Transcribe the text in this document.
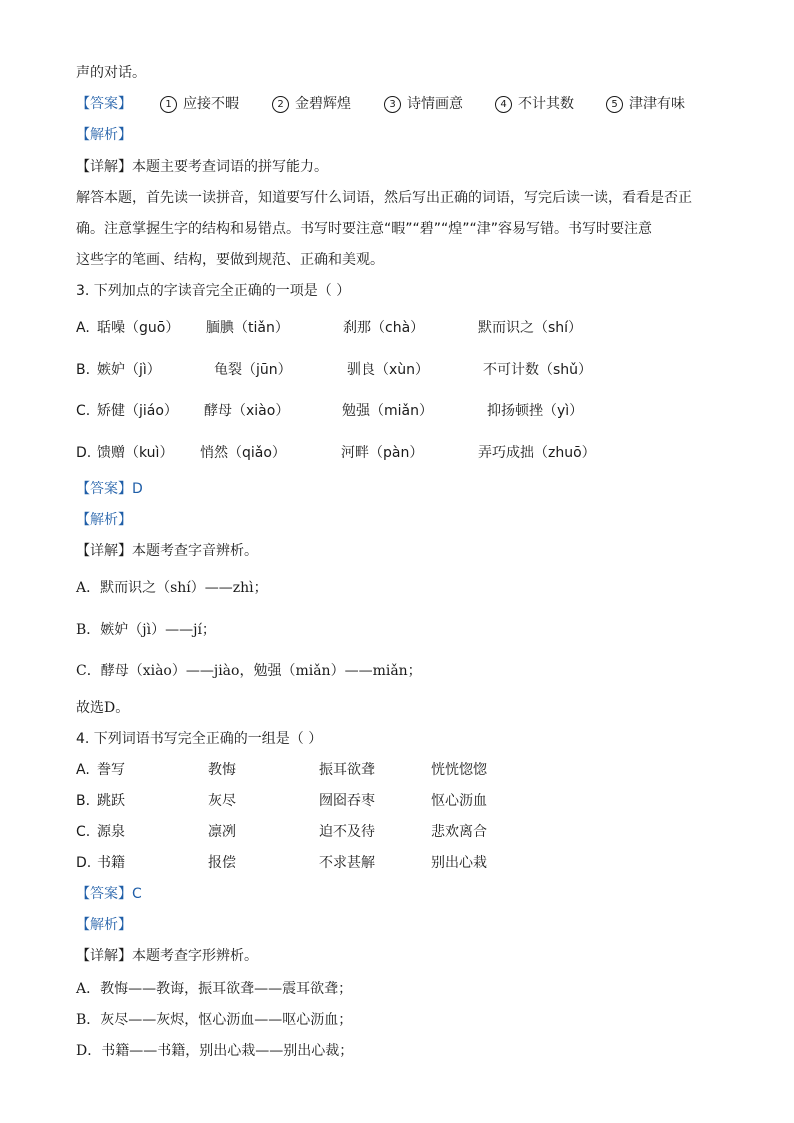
声的对话。
【答案】	1 应接不暇	2 金碧辉煌	3 诗情画意	4 不计其数	5 津津有味
【解析】
【详解】本题主要考查词语的拼写能力。
解答本题，首先读一读拼音，知道要写什么词语，然后写出正确的词语，写完后读一读，看看是否正
确。注意掌握生字的结构和易错点。书写时要注意“暇”“碧”“煌”“津”容易写错。书写时要注意
这些字的笔画、结构，要做到规范、正确和美观。
3. 下列加点的字读音完全正确的一项是（ ）
A. 聒噪（guō） 腼腆（tiǎn）	刹那（chà）	默而识之（shí）
B. 嫉妒（jì）	龟裂（jūn）	驯良（xùn）	不可计数（shǔ）
C. 矫健（jiáo） 酵母（xiào）	勉强（miǎn）	抑扬顿挫（yì）
D. 馈赠（kuì） 悄然（qiǎo）	河畔（pàn）	弄巧成拙（zhuō）
【答案】D
【解析】
【详解】本题考查字音辨析。
A．默而识之（shí）——zhì；
B．嫉妒（jì）——jí；
C．酵母（xiào）——jiào，勉强（miǎn）——miǎn；
故选D。
4. 下列词语书写完全正确的一组是（ ）
A. 誊写	教悔	振耳欲聋	恍恍惚惚
B. 跳跃	灰尽	囫囵吞枣	怄心沥血
C. 源泉	凛冽	迫不及待	悲欢离合
D. 书籍	报偿	不求甚解	别出心栽
【答案】C
【解析】
【详解】本题考查字形辨析。
A．教悔——教诲，振耳欲聋——震耳欲聋；
B．灰尽——灰烬，怄心沥血——呕心沥血；
D．书籍——书籍，别出心栽——别出心裁；
